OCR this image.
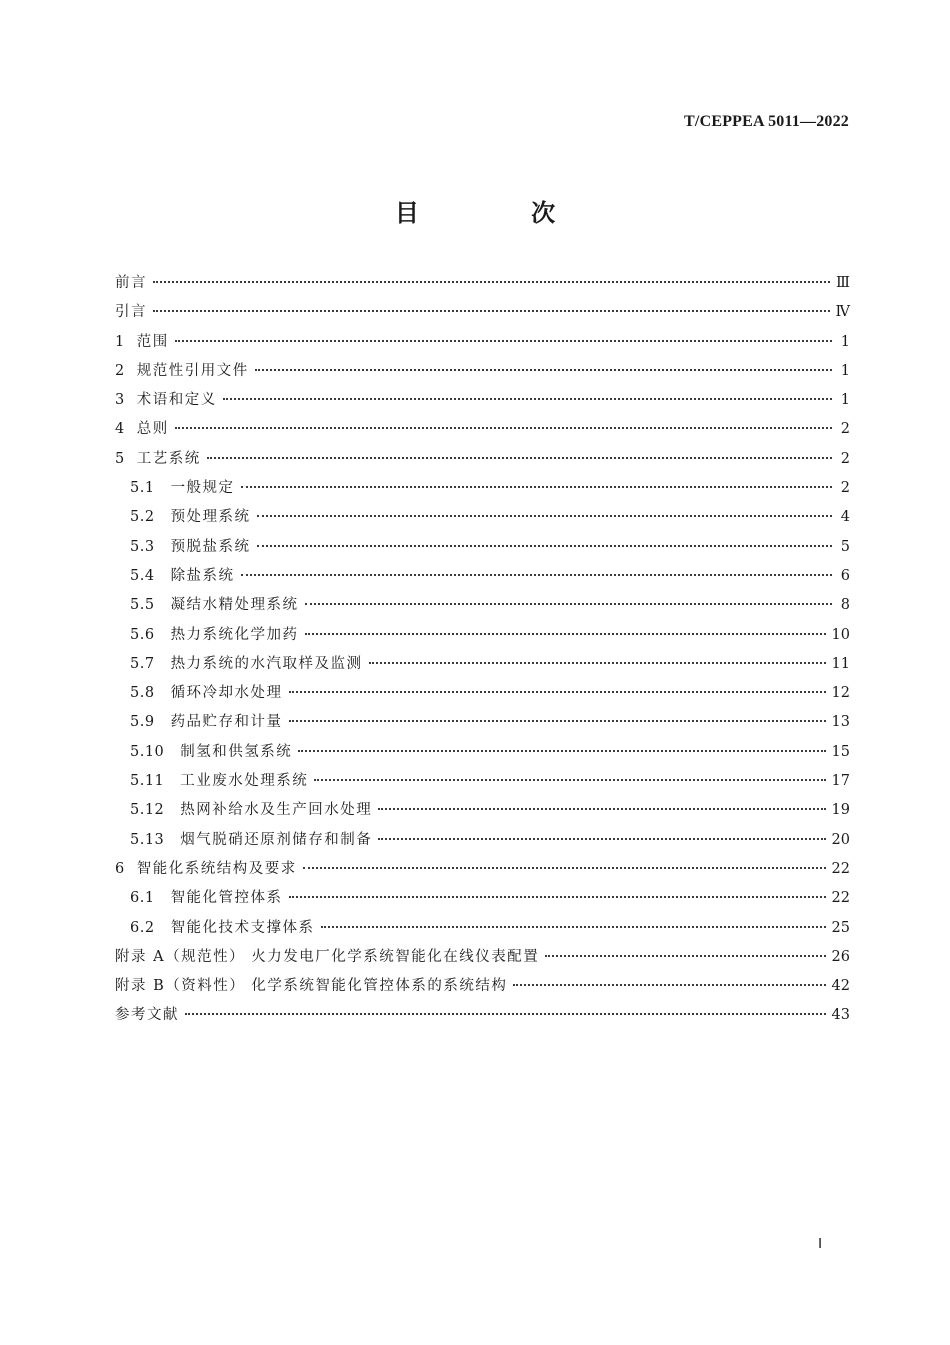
T/CEPPEA 5011—2022
目 次
前言	Ⅲ
引言	Ⅳ
1 范围	1
2 规范性引用文件	1
3 术语和定义	1
4 总则	2
5 工艺系统	2
5.1 一般规定	2
5.2 预处理系统	4
5.3 预脱盐系统	5
5.4 除盐系统	6
5.5 凝结水精处理系统	8
5.6 热力系统化学加药	10
5.7 热力系统的水汽取样及监测	11
5.8 循环冷却水处理	12
5.9 药品贮存和计量	13
5.10 制氢和供氢系统	15
5.11 工业废水处理系统	17
5.12 热网补给水及生产回水处理	19
5.13 烟气脱硝还原剂储存和制备	20
6 智能化系统结构及要求	22
6.1 智能化管控体系	22
6.2 智能化技术支撑体系	25
附录 A（规范性） 火力发电厂化学系统智能化在线仪表配置	26
附录 B（资料性） 化学系统智能化管控体系的系统结构	42
参考文献	43
Ⅰ
